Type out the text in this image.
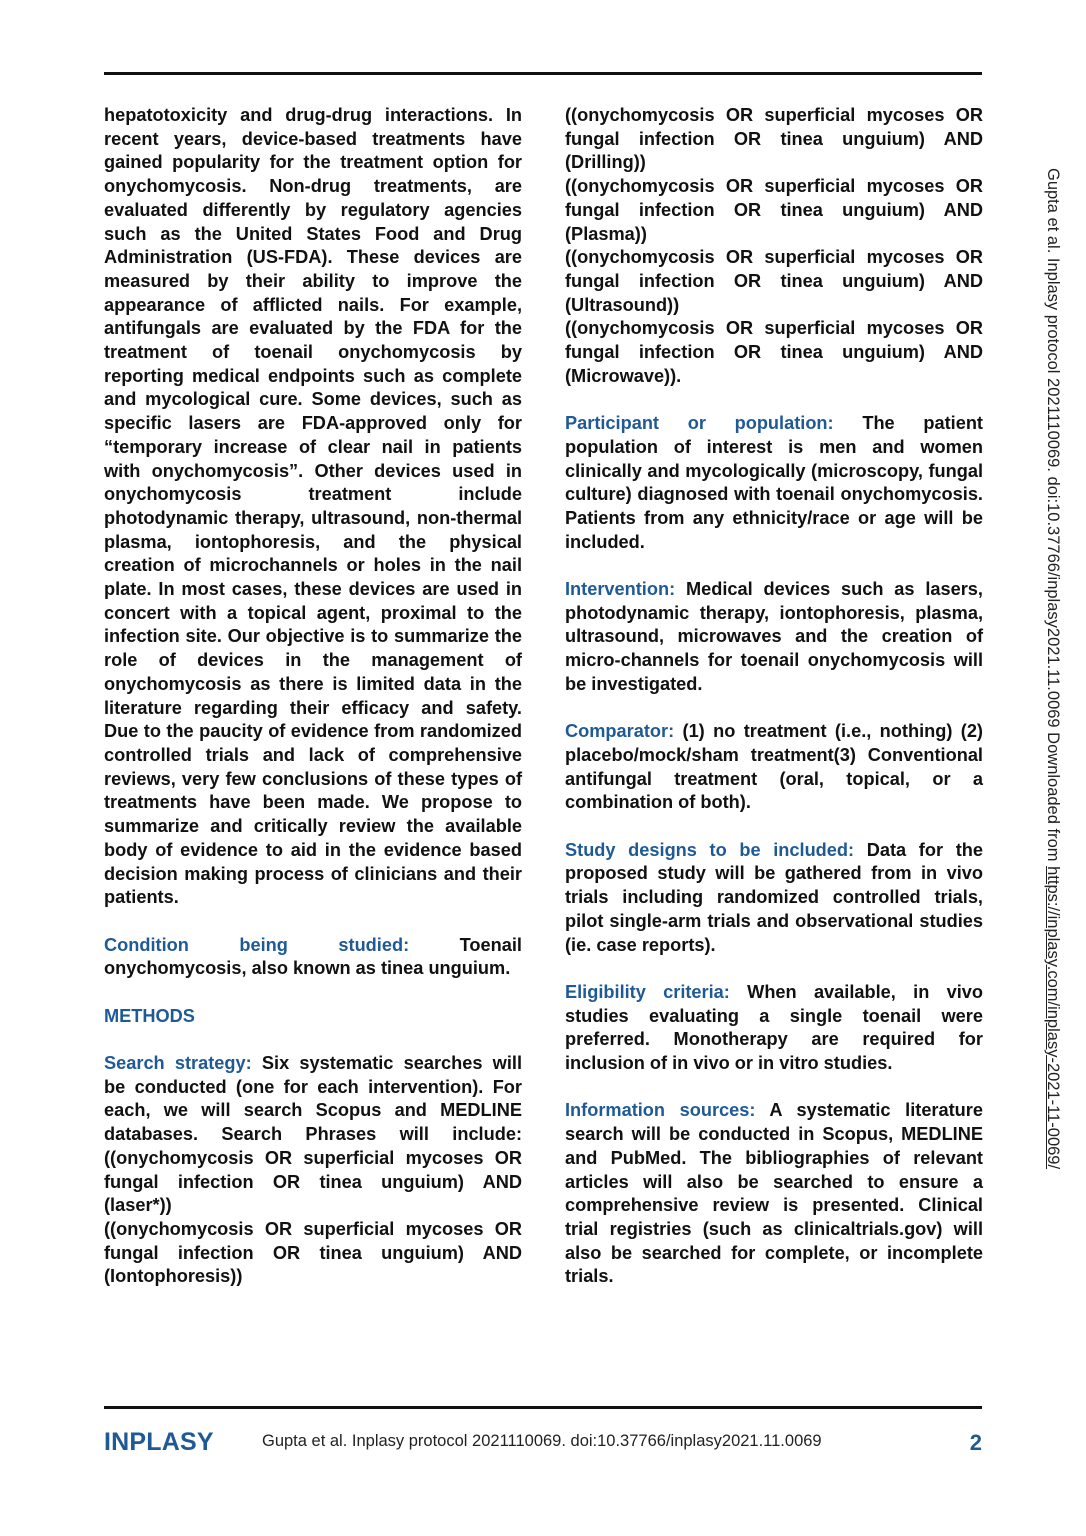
hepatotoxicity and drug-drug interactions. In recent years, device-based treatments have gained popularity for the treatment option for onychomycosis. Non-drug treatments, are evaluated differently by regulatory agencies such as the United States Food and Drug Administration (US-FDA). These devices are measured by their ability to improve the appearance of afflicted nails. For example, antifungals are evaluated by the FDA for the treatment of toenail onychomycosis by reporting medical endpoints such as complete and mycological cure. Some devices, such as specific lasers are FDA-approved only for “temporary increase of clear nail in patients with onychomycosis”. Other devices used in onychomycosis treatment include photodynamic therapy, ultrasound, non-thermal plasma, iontophoresis, and the physical creation of microchannels or holes in the nail plate. In most cases, these devices are used in concert with a topical agent, proximal to the infection site. Our objective is to summarize the role of devices in the management of onychomycosis as there is limited data in the literature regarding their efficacy and safety. Due to the paucity of evidence from randomized controlled trials and lack of comprehensive reviews, very few conclusions of these types of treatments have been made. We propose to summarize and critically review the available body of evidence to aid in the evidence based decision making process of clinicians and their patients.

Condition being studied:	Toenail onychomycosis, also known as tinea unguium.

METHODS

Search strategy: Six systematic searches will be conducted (one for each intervention). For each, we will search Scopus and MEDLINE databases. Search Phrases will include: ((onychomycosis OR superficial mycoses OR fungal infection OR tinea unguium) AND (laser*))

((onychomycosis OR superficial mycoses OR fungal infection OR tinea unguium) AND (Iontophoresis))

((onychomycosis OR superficial mycoses OR fungal infection OR tinea unguium) AND (Drilling))

((onychomycosis OR superficial mycoses OR fungal infection OR tinea unguium) AND (Plasma))

((onychomycosis OR superficial mycoses OR fungal infection OR tinea unguium) AND (Ultrasound))

((onychomycosis OR superficial mycoses OR fungal infection OR tinea unguium) AND (Microwave)).

Participant or population: The patient population of interest is men and women clinically and mycologically (microscopy, fungal culture) diagnosed with toenail onychomycosis. Patients from any ethnicity/race or age will be included.

Intervention: Medical devices such as lasers, photodynamic therapy, iontophoresis, plasma, ultrasound, microwaves and the creation of micro-channels for toenail onychomycosis will be investigated.

Comparator: (1) no treatment (i.e., nothing) (2) placebo/mock/sham treatment(3) Conventional antifungal treatment (oral, topical, or a combination of both).

Study designs to be included: Data for the proposed study will be gathered from in vivo trials including randomized controlled trials, pilot single-arm trials and observational studies (ie. case reports).

Eligibility criteria: When available, in vivo studies evaluating a single toenail were preferred. Monotherapy are required for inclusion of in vivo or in vitro studies.

Information sources: A systematic literature search will be conducted in Scopus, MEDLINE and PubMed. The bibliographies of relevant articles will also be searched to ensure a comprehensive review is presented. Clinical trial registries (such as clinicaltrials.gov) will also be searched for complete, or incomplete trials.

Gupta et al. Inplasy protocol 2021110069. doi:10.37766/inplasy2021.11.0069 Downloaded from https://inplasy.com/inplasy-2021-11-0069/
INPLASY	Gupta et al. Inplasy protocol 2021110069. doi:10.37766/inplasy2021.11.0069	2
